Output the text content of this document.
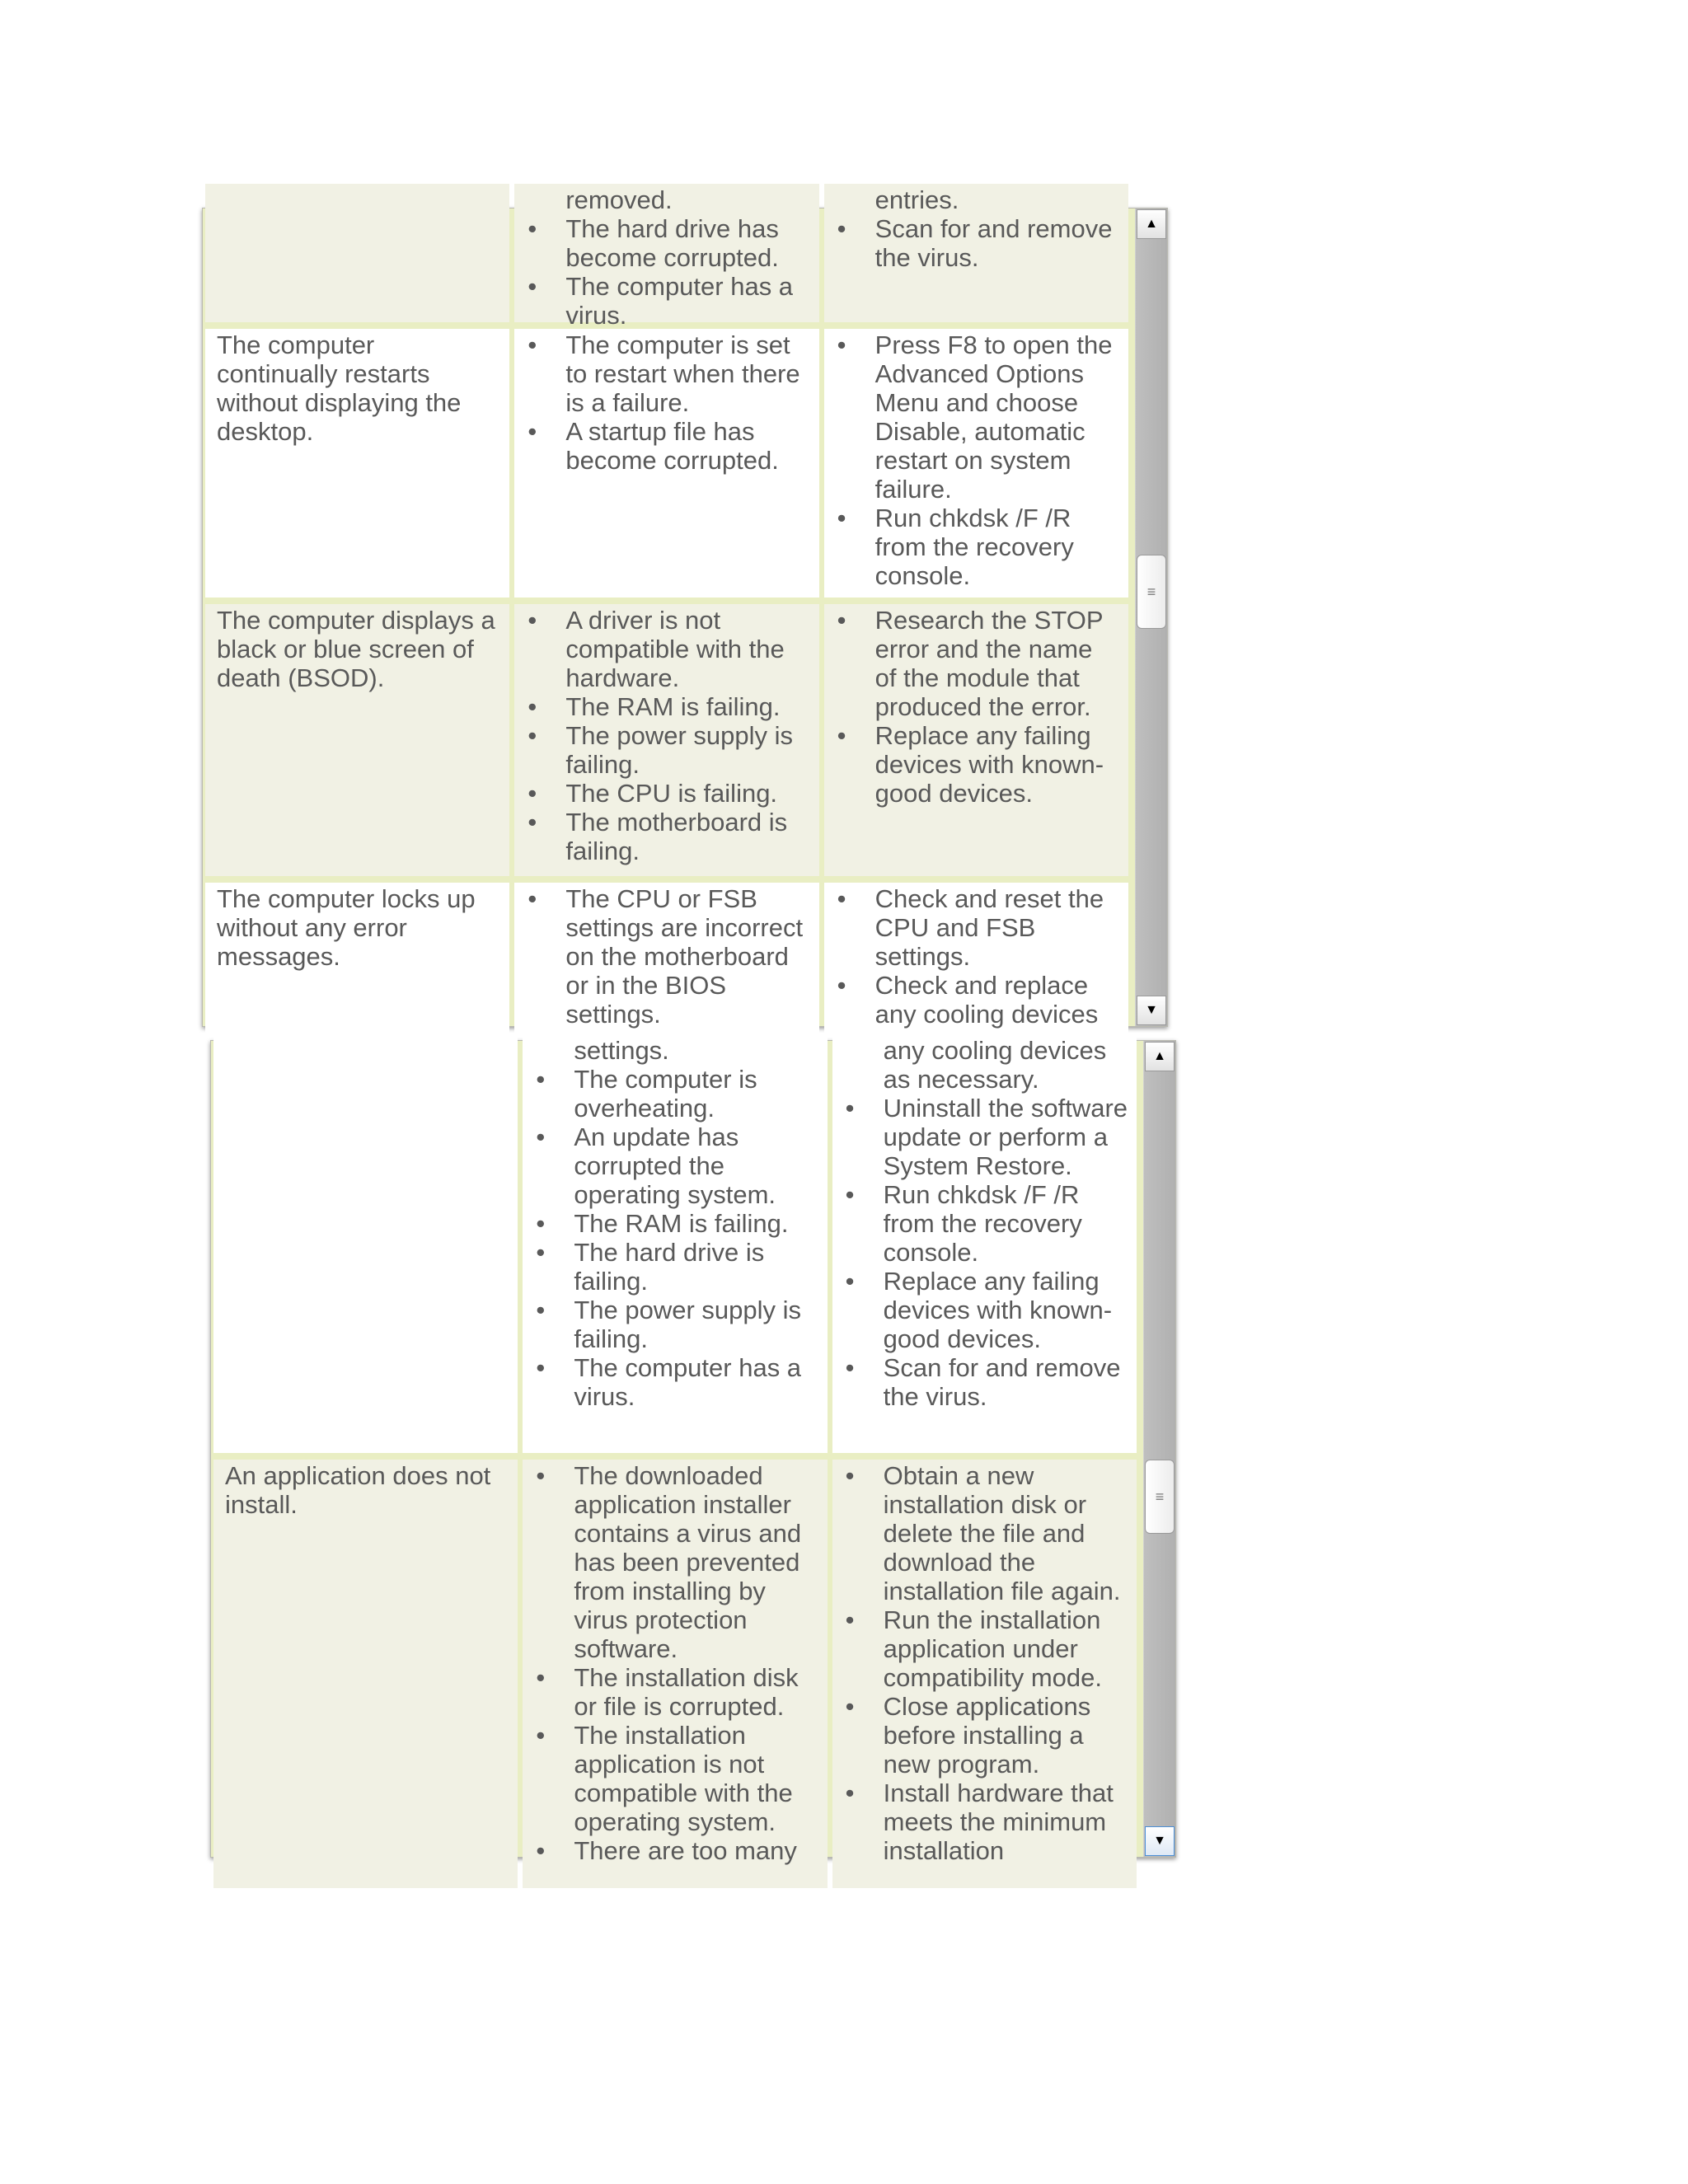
removed.
• The hard drive has become corrupted.
• The computer has a virus.
entries.
• Scan for and remove the virus.
The computer continually restarts without displaying the desktop.
• The computer is set to restart when there is a failure.
• A startup file has become corrupted.
• Press F8 to open the Advanced Options Menu and choose Disable, automatic restart on system failure.
• Run chkdsk /F /R from the recovery console.
The computer displays a black or blue screen of death (BSOD).
• A driver is not compatible with the hardware.
• The RAM is failing.
• The power supply is failing.
• The CPU is failing.
• The motherboard is failing.
• Research the STOP error and the name of the module that produced the error.
• Replace any failing devices with known-good devices.
The computer locks up without any error messages.
• The CPU or FSB settings are incorrect on the motherboard or in the BIOS settings.
• Check and reset the CPU and FSB settings.
• Check and replace any cooling devices
▲
≡
▼
settings.
• The computer is overheating.
• An update has corrupted the operating system.
• The RAM is failing.
• The hard drive is failing.
• The power supply is failing.
• The computer has a virus.
any cooling devices as necessary.
• Uninstall the software update or perform a System Restore.
• Run chkdsk /F /R from the recovery console.
• Replace any failing devices with known-good devices.
• Scan for and remove the virus.
An application does not install.
• The downloaded application installer contains a virus and has been prevented from installing by virus protection software.
• The installation disk or file is corrupted.
• The installation application is not compatible with the operating system.
• There are too many
• Obtain a new installation disk or delete the file and download the installation file again.
• Run the installation application under compatibility mode.
• Close applications before installing a new program.
• Install hardware that meets the minimum installation
▲
≡
▼
